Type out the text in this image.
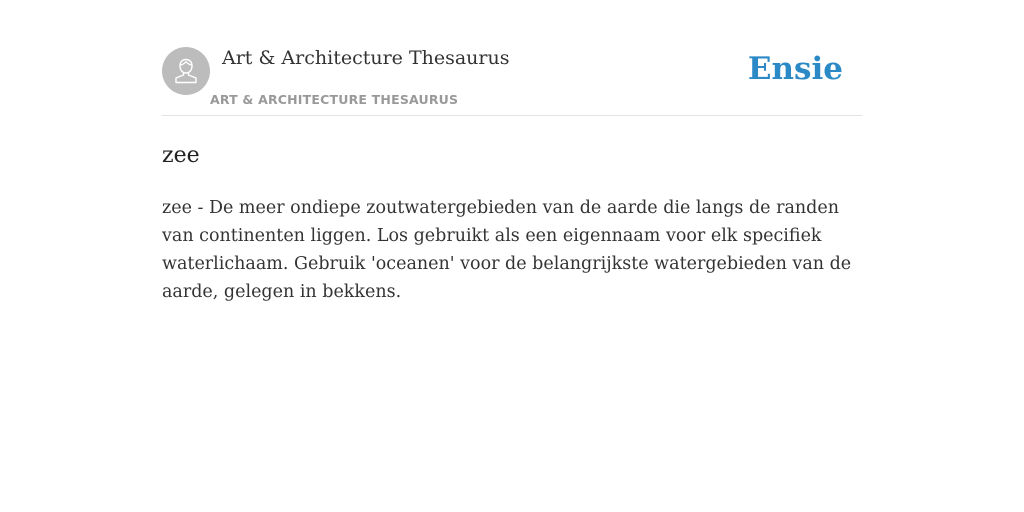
Art & Architecture Thesaurus
ART & ARCHITECTURE THESAURUS
Ensie
zee

zee - De meer ondiepe zoutwatergebieden van de aarde die langs de randen van continenten liggen. Los gebruikt als een eigennaam voor elk specifiek waterlichaam. Gebruik 'oceanen' voor de belangrijkste watergebieden van de aarde, gelegen in bekkens.
